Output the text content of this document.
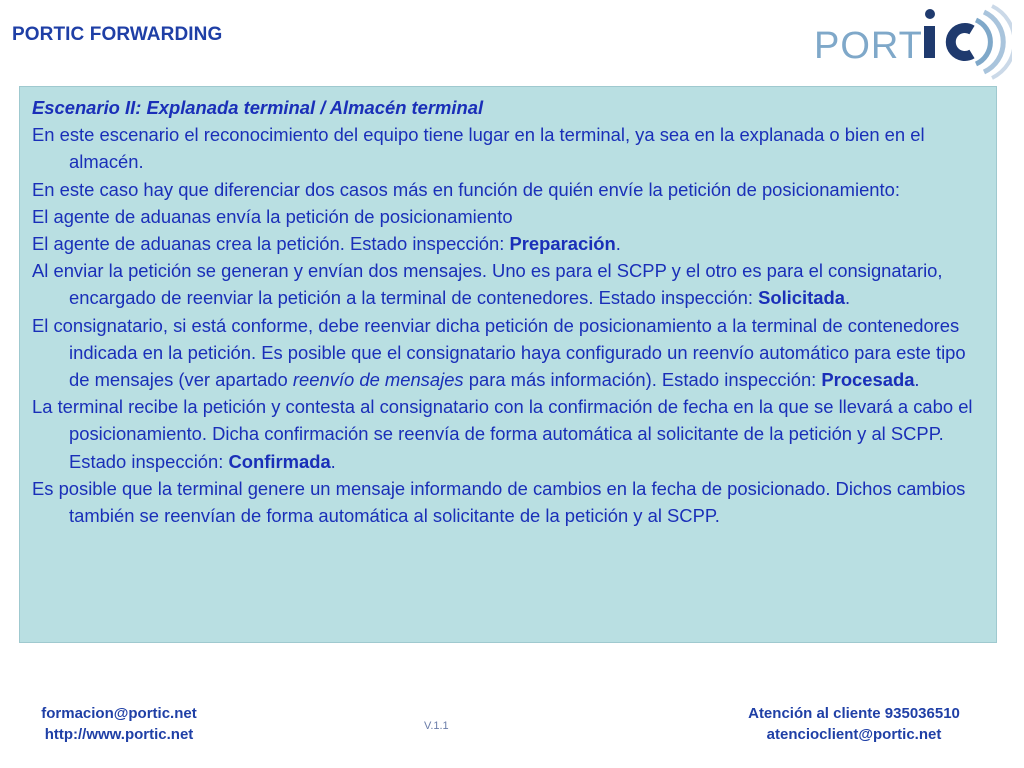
PORTIC FORWARDING	PORT

Escenario II: Explanada terminal / Almacén terminal

En este escenario el reconocimiento del equipo tiene lugar en la terminal, ya sea en la explanada o bien en el almacén.

En este caso hay que diferenciar dos casos más en función de quién envíe la petición de posicionamiento:

El agente de aduanas envía la petición de posicionamiento

El agente de aduanas crea la petición. Estado inspección: Preparación.

Al enviar la petición se generan y envían dos mensajes. Uno es para el SCPP y el otro es para el consignatario, encargado de reenviar la petición a la terminal de contenedores. Estado inspección: Solicitada.

El consignatario, si está conforme, debe reenviar dicha petición de posicionamiento a la terminal de contenedores indicada en la petición. Es posible que el consignatario haya configurado un reenvío automático para este tipo de mensajes (ver apartado reenvío de mensajes para más información). Estado inspección: Procesada.

La terminal recibe la petición y contesta al consignatario con la confirmación de fecha en la que se llevará a cabo el posicionamiento. Dicha confirmación se reenvía de forma automática al solicitante de la petición y al SCPP. Estado inspección: Confirmada.

Es posible que la terminal genere un mensaje informando de cambios en la fecha de posicionado. Dichos cambios también se reenvían de forma automática al solicitante de la petición y al SCPP.

formacion@portic.net
http://www.portic.net	V.1.1
Atención al cliente 935036510
atencioclient@portic.net
